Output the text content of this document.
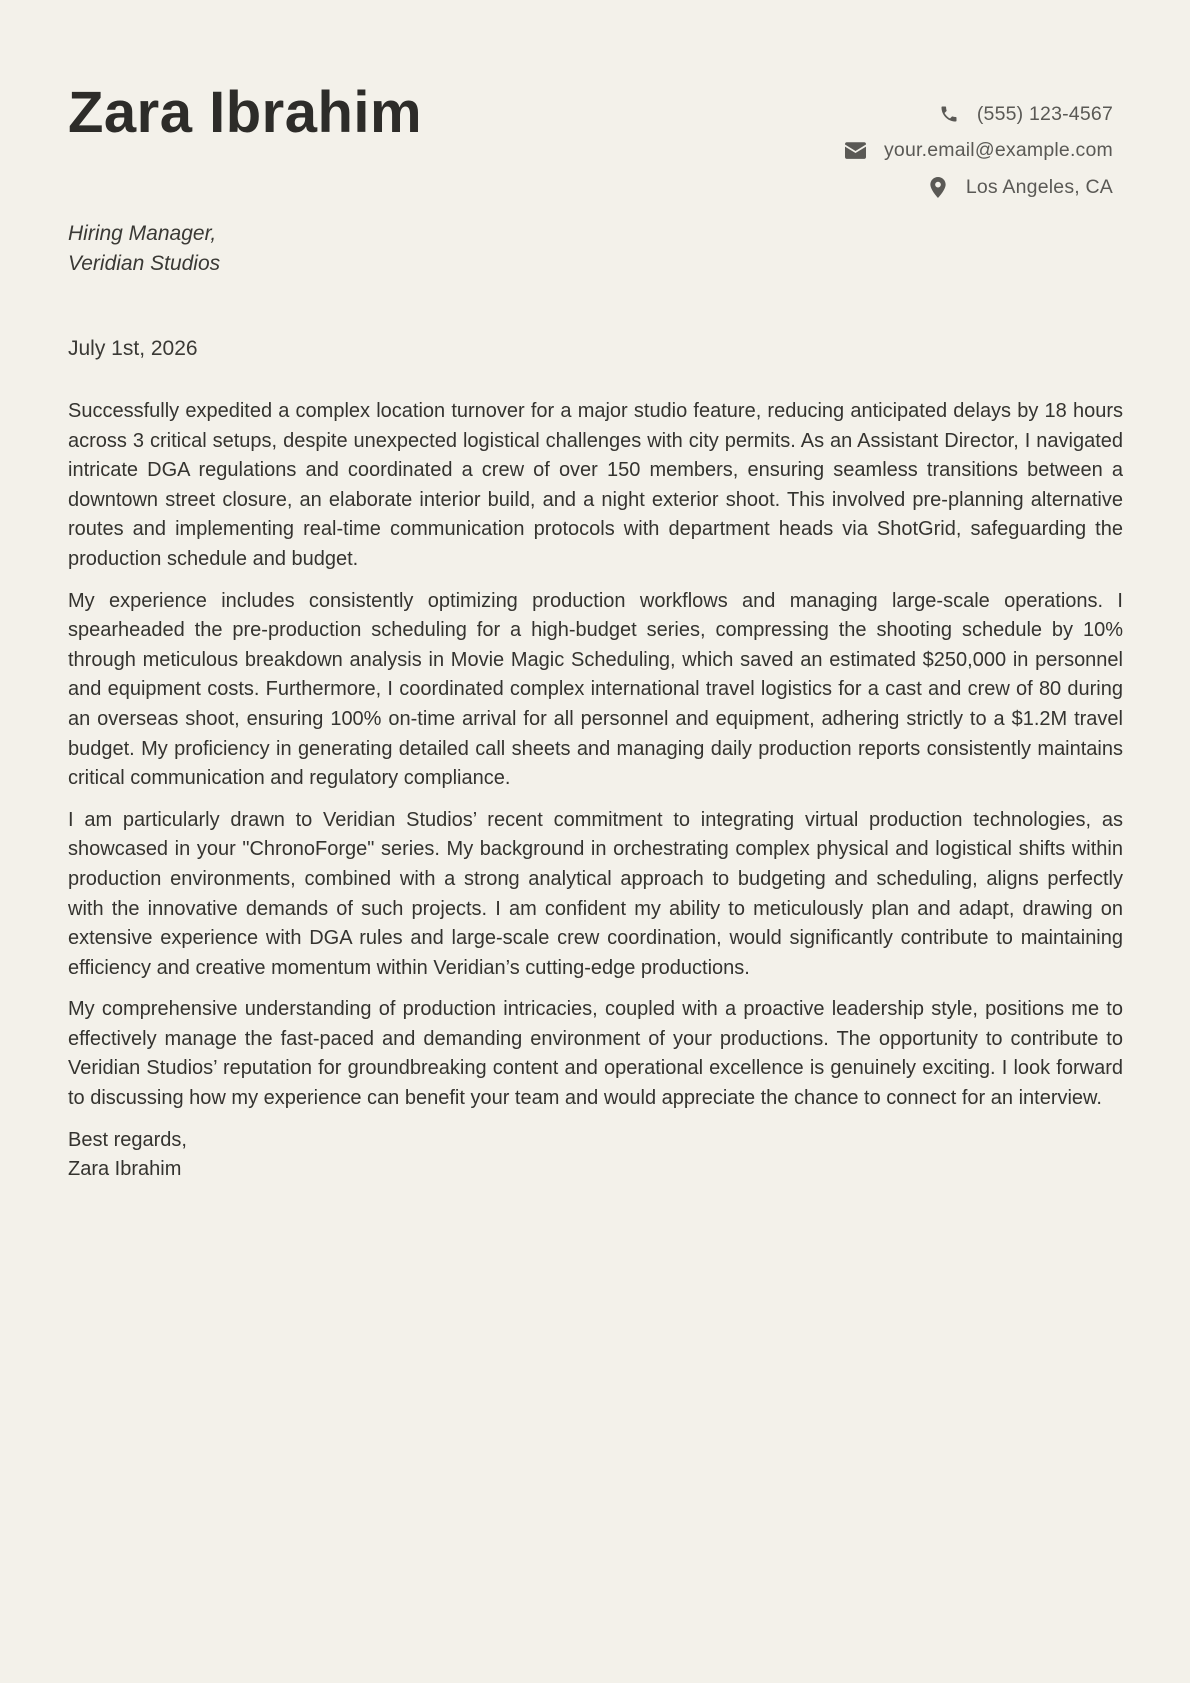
Zara Ibrahim	(555) 123-4567
your.email@example.com
Los Angeles, CA
Hiring Manager,
Veridian Studios
July 1st, 2026

Successfully expedited a complex location turnover for a major studio feature, reducing anticipated delays by 18 hours across 3 critical setups, despite unexpected logistical challenges with city permits. As an Assistant Director, I navigated intricate DGA regulations and coordinated a crew of over 150 members, ensuring seamless transitions between a downtown street closure, an elaborate interior build, and a night exterior shoot. This involved pre-planning alternative routes and implementing real-time communication protocols with department heads via ShotGrid, safeguarding the production schedule and budget.

My experience includes consistently optimizing production workflows and managing large-scale operations. I spearheaded the pre-production scheduling for a high-budget series, compressing the shooting schedule by 10% through meticulous breakdown analysis in Movie Magic Scheduling, which saved an estimated $250,000 in personnel and equipment costs. Furthermore, I coordinated complex international travel logistics for a cast and crew of 80 during an overseas shoot, ensuring 100% on-time arrival for all personnel and equipment, adhering strictly to a $1.2M travel budget. My proficiency in generating detailed call sheets and managing daily production reports consistently maintains critical communication and regulatory compliance.

I am particularly drawn to Veridian Studios’ recent commitment to integrating virtual production technologies, as showcased in your "ChronoForge" series. My background in orchestrating complex physical and logistical shifts within production environments, combined with a strong analytical approach to budgeting and scheduling, aligns perfectly with the innovative demands of such projects. I am confident my ability to meticulously plan and adapt, drawing on extensive experience with DGA rules and large-scale crew coordination, would significantly contribute to maintaining efficiency and creative momentum within Veridian’s cutting-edge productions.

My comprehensive understanding of production intricacies, coupled with a proactive leadership style, positions me to effectively manage the fast-paced and demanding environment of your productions. The opportunity to contribute to Veridian Studios’ reputation for groundbreaking content and operational excellence is genuinely exciting. I look forward to discussing how my experience can benefit your team and would appreciate the chance to connect for an interview.

Best regards,
Zara Ibrahim
